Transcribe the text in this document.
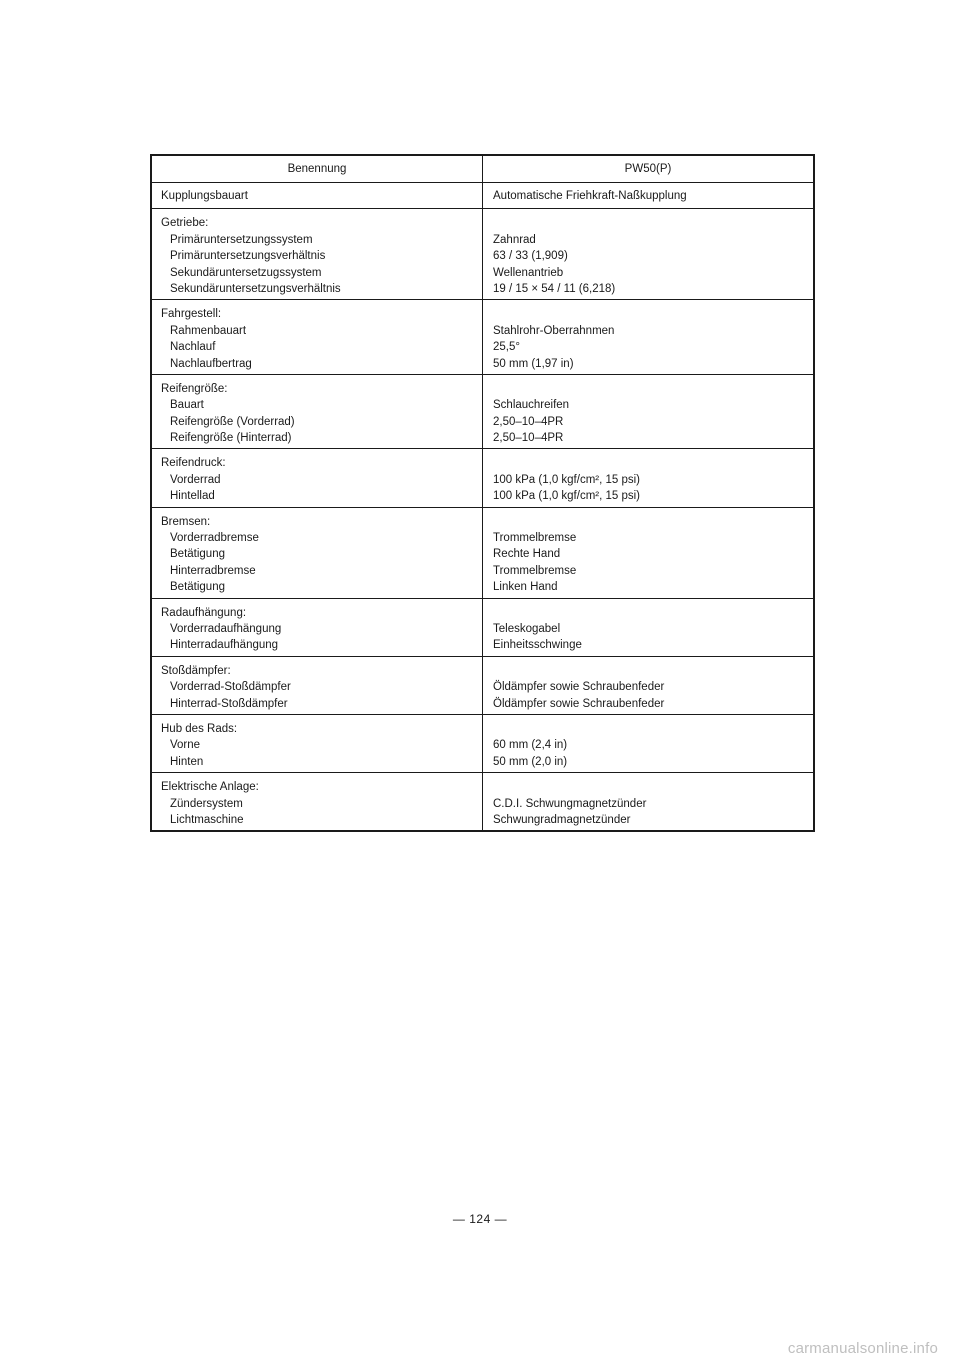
Benennung	PW50(P)
Kupplungsbauart	Automatische Friehkraft-Naßkupplung
Getriebe:
Primäruntersetzungssystem
Primäruntersetzungsverhältnis
Sekundäruntersetzugssystem
Sekundäruntersetzungsverhältnis
Zahnrad
63 / 33 (1,909)
Wellenantrieb
19 / 15 × 54 / 11 (6,218)
Fahrgestell:
Rahmenbauart
Nachlauf
Nachlaufbertrag
Stahlrohr-Oberrahnmen
25,5°
50 mm (1,97 in)
Reifengröße:
Bauart
Reifengröße (Vorderrad)
Reifengröße (Hinterrad)
Schlauchreifen
2,50–10–4PR
2,50–10–4PR
Reifendruck:
Vorderrad
Hintellad
100 kPa (1,0 kgf/cm², 15 psi)
100 kPa (1,0 kgf/cm², 15 psi)
Bremsen:
Vorderradbremse
Betätigung
Hinterradbremse
Betätigung
Trommelbremse
Rechte Hand
Trommelbremse
Linken Hand
Radaufhängung:
Vorderradaufhängung
Hinterradaufhängung
Teleskogabel
Einheitsschwinge
Stoßdämpfer:
Vorderrad-Stoßdämpfer
Hinterrad-Stoßdämpfer
Öldämpfer sowie Schraubenfeder
Öldämpfer sowie Schraubenfeder
Hub des Rads:
Vorne
Hinten
60 mm (2,4 in)
50 mm (2,0 in)
Elektrische Anlage:
Zündersystem
Lichtmaschine
C.D.I. Schwungmagnetzünder
Schwungradmagnetzünder
— 124 —
carmanualsonline.info
